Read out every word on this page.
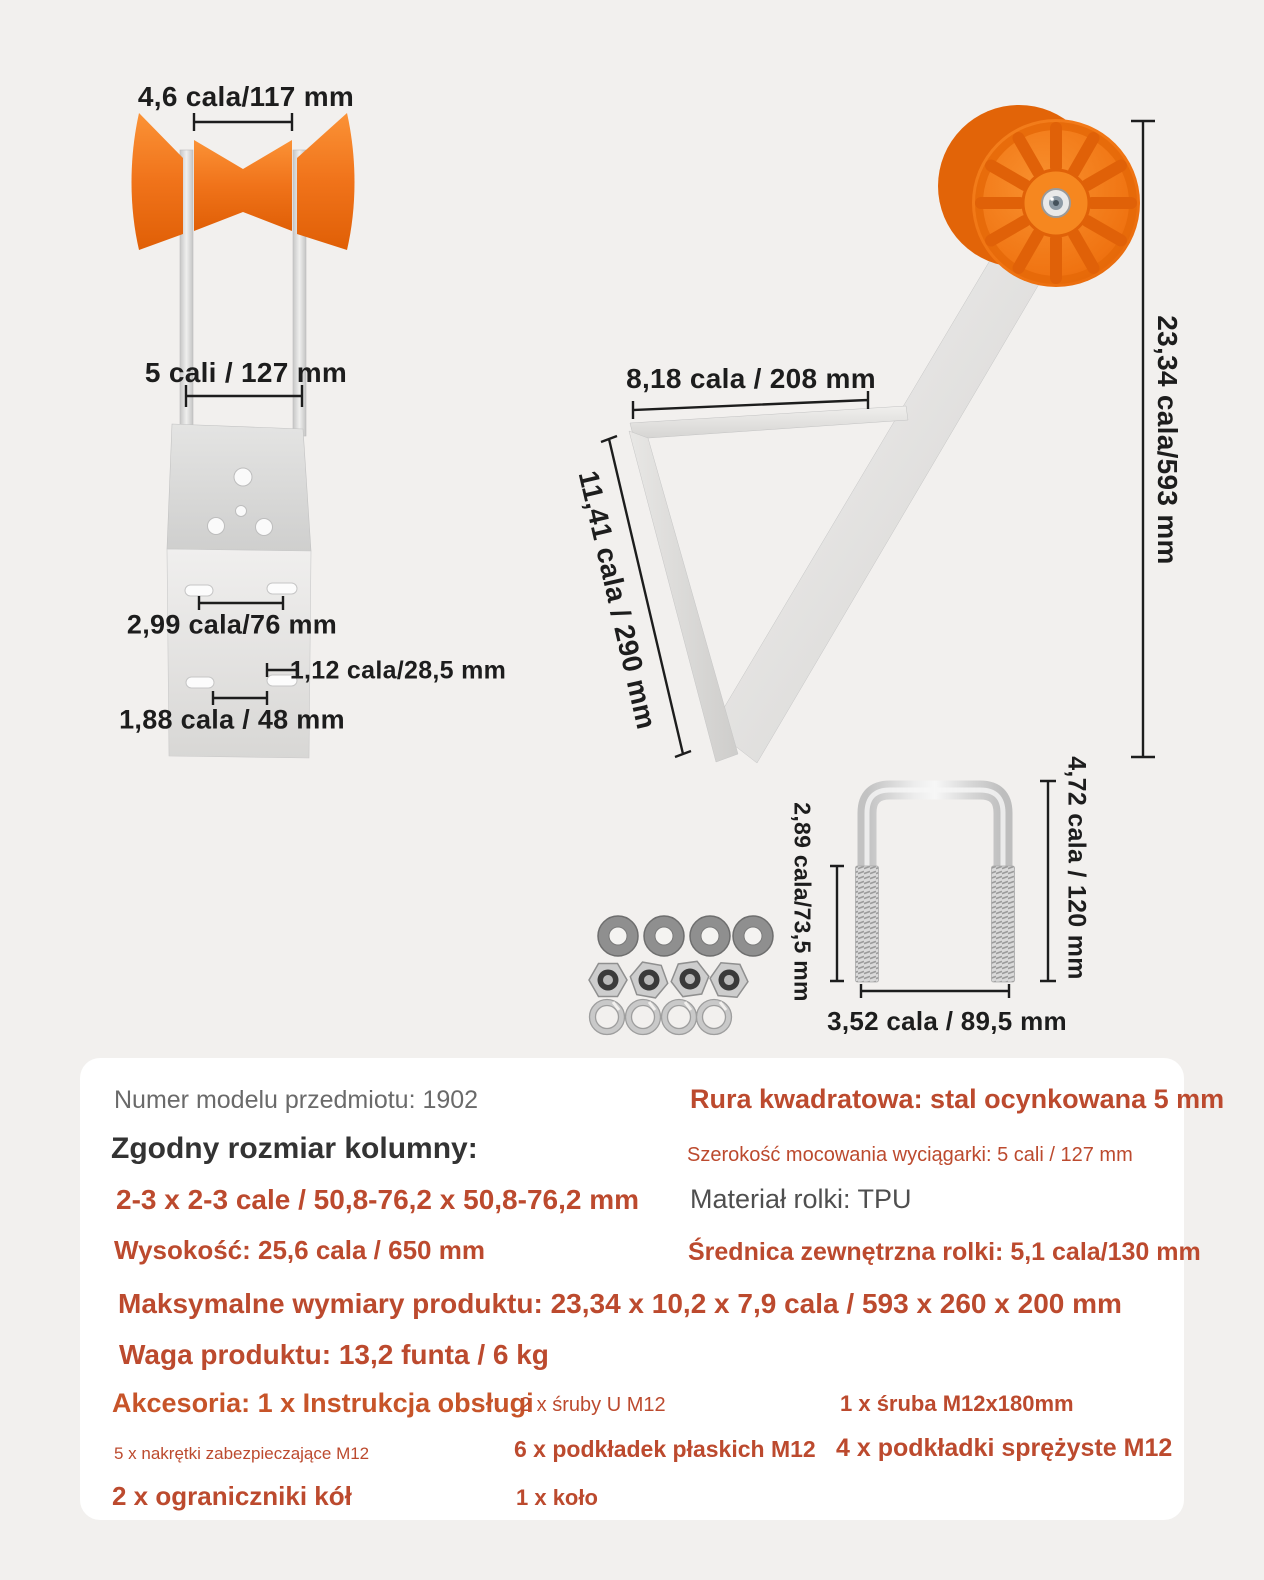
4,6 cala/117 mm
5 cali / 127 mm
2,99 cala/76 mm
1,12 cala/28,5 mm
1,88 cala / 48 mm
8,18 cala / 208 mm
11,41 cala / 290 mm
23,34 cala/593 mm
2,89 cala/73,5 mm	4,72 cala / 120 mm
3,52 cala / 89,5 mm
Numer modelu przedmiotu: 1902
Zgodny rozmiar kolumny:
2-3 x 2-3 cale / 50,8-76,2 x 50,8-76,2 mm
Wysokość: 25,6 cala / 650 mm
Rura kwadratowa: stal ocynkowana 5 mm
Szerokość mocowania wyciągarki: 5 cali / 127 mm
Materiał rolki: TPU
Średnica zewnętrzna rolki: 5,1 cala/130 mm
Maksymalne wymiary produktu: 23,34 x 10,2 x 7,9 cala / 593 x 260 x 200 mm
Waga produktu: 13,2 funta / 6 kg
Akcesoria: 1 x Instrukcja obsługi
2 x śruby U M12	1 x śruba M12x180mm
5 x nakrętki zabezpieczające M12	6 x podkładek płaskich M12 4 x podkładki sprężyste M12
2 x ograniczniki kół	1 x koło
